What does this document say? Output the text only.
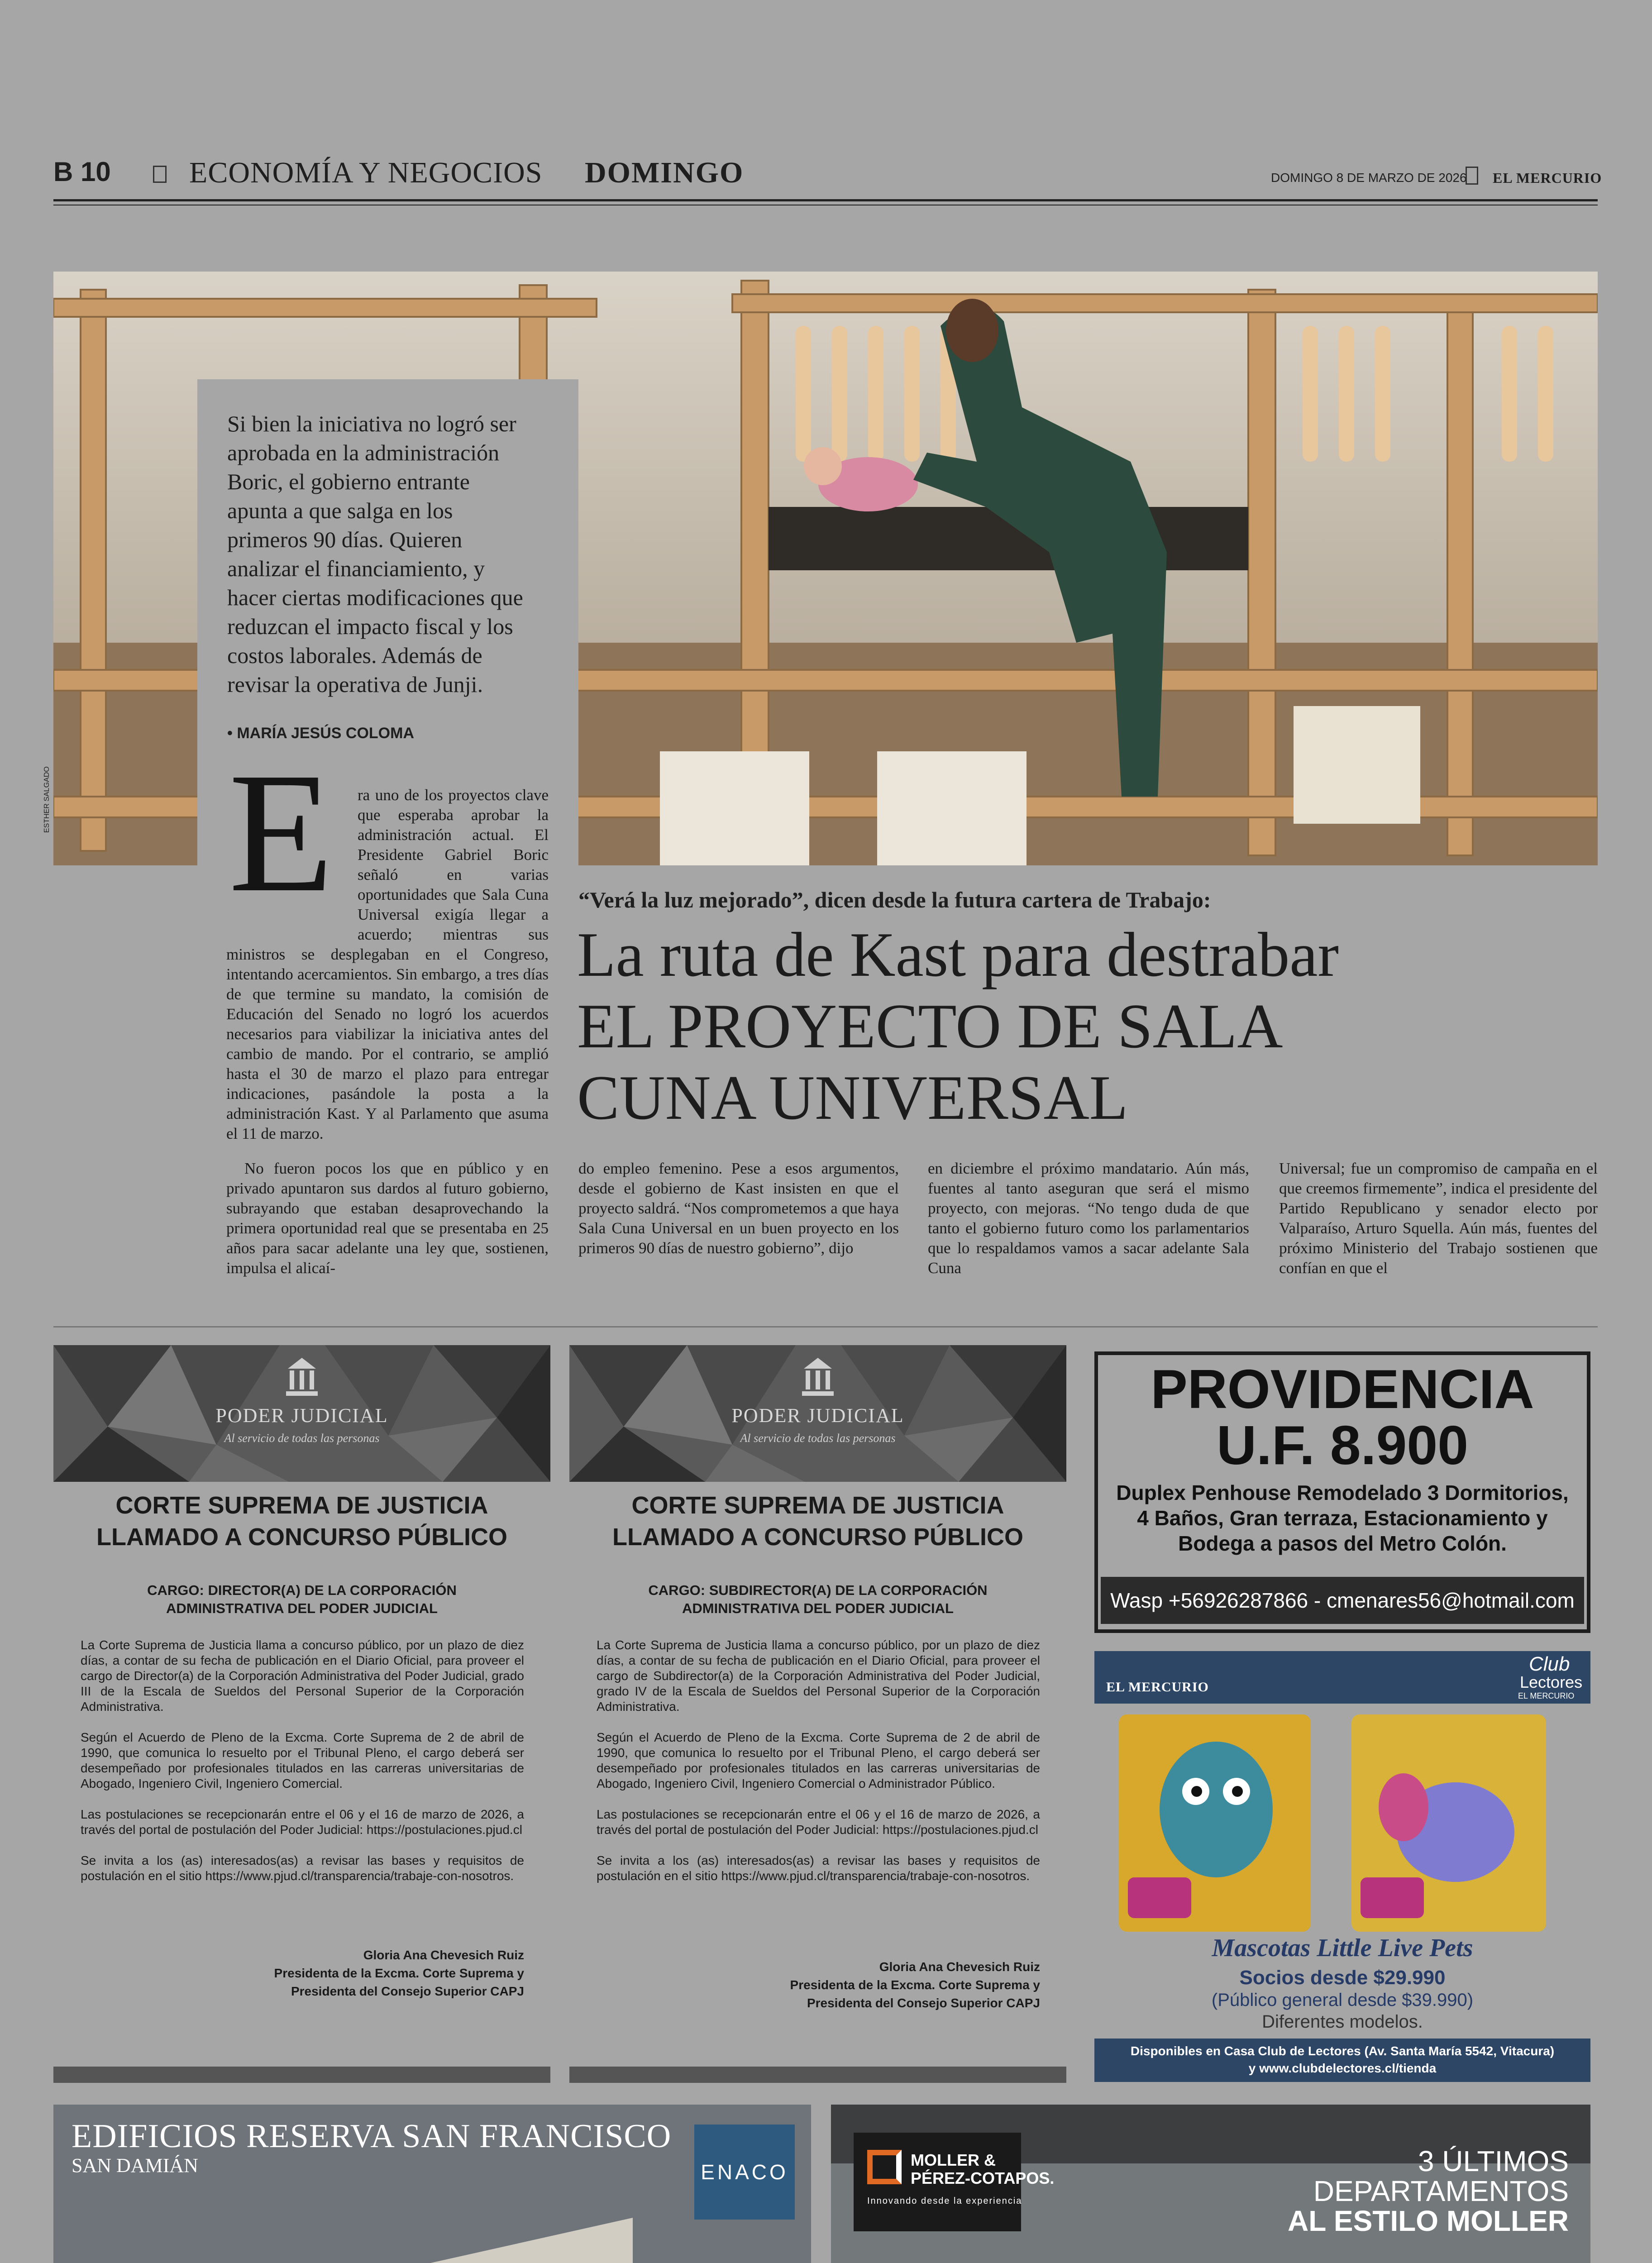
B 10	ECONOMÍA Y NEGOCIOS DOMINGO	DOMINGO 8 DE MARZO DE 2026 EL MERCURIO
ESTHER SALGADO
Si bien la iniciativa no logró ser aprobada en la administración Boric, el gobierno entrante apunta a que salga en los primeros 90 días. Quieren analizar el financiamiento, y hacer ciertas modificaciones que reduzcan el impacto fiscal y los costos laborales. Además de revisar la operativa de Junji.
• MARÍA JESÚS COLOMA
E	ra uno de los proyectos clave que esperaba aprobar la administración actual. El Presidente Gabriel Boric señaló en varias oportunidades que Sala Cuna Universal exigía llegar a acuerdo; mientras sus ministros se desplegaban en el Congreso, intentando acercamientos. Sin embargo, a tres días de que termine su mandato, la comisión de Educación del Senado no logró los acuerdos necesarios para viabilizar la iniciativa antes del cambio de mando. Por el contrario, se amplió hasta el 30 de marzo el plazo para entregar indicaciones, pasándole la posta a la administración Kast. Y al Parlamento que asuma el 11 de marzo.
No fueron pocos los que en público y en privado apuntaron sus dardos al futuro gobierno, subrayando que estaban desaprovechando la primera oportunidad real que se presentaba en 25 años para sacar adelante una ley que, sostienen, impulsa el alicaí-
“Verá la luz mejorado”, dicen desde la futura cartera de Trabajo:
La ruta de Kast para destrabar
EL PROYECTO DE SALA
CUNA UNIVERSAL
do empleo femenino. Pese a esos argumentos, desde el gobierno de Kast insisten en que el proyecto saldrá. “Nos comprometemos a que haya Sala Cuna Universal en un buen proyecto en los primeros 90 días de nuestro gobierno”, dijo
en diciembre el próximo mandatario. Aún más, fuentes al tanto aseguran que será el mismo proyecto, con mejoras. “No tengo duda de que tanto el gobierno futuro como los parlamentarios que lo respaldamos vamos a sacar adelante Sala Cuna
Universal; fue un compromiso de campaña en el que creemos firmemente”, indica el presidente del Partido Republicano y senador electo por Valparaíso, Arturo Squella. Aún más, fuentes del próximo Ministerio del Trabajo sostienen que confían en que el
PODER JUDICIAL
Al servicio de todas las personas
CORTE SUPREMA DE JUSTICIA
LLAMADO A CONCURSO PÚBLICO
CARGO: DIRECTOR(A) DE LA CORPORACIÓN
ADMINISTRATIVA DEL PODER JUDICIAL

La Corte Suprema de Justicia llama a concurso público, por un plazo de diez días, a contar de su fecha de publicación en el Diario Oficial, para proveer el cargo de Director(a) de la Corporación Administrativa del Poder Judicial, grado III de la Escala de Sueldos del Personal Superior de la Corporación Administrativa.

Según el Acuerdo de Pleno de la Excma. Corte Suprema de 2 de abril de 1990, que comunica lo resuelto por el Tribunal Pleno, el cargo deberá ser desempeñado por profesionales titulados en las carreras universitarias de Abogado, Ingeniero Civil, Ingeniero Comercial.

Las postulaciones se recepcionarán entre el 06 y el 16 de marzo de 2026, a través del portal de postulación del Poder Judicial: https://postulaciones.pjud.cl

Se invita a los (as) interesados(as) a revisar las bases y requisitos de postulación en el sitio https://www.pjud.cl/transparencia/trabaje-con-nosotros.

Gloria Ana Chevesich Ruiz
Presidenta de la Excma. Corte Suprema y
Presidenta del Consejo Superior CAPJ
PODER JUDICIAL
Al servicio de todas las personas
CORTE SUPREMA DE JUSTICIA
LLAMADO A CONCURSO PÚBLICO
CARGO: SUBDIRECTOR(A) DE LA CORPORACIÓN
ADMINISTRATIVA DEL PODER JUDICIAL

La Corte Suprema de Justicia llama a concurso público, por un plazo de diez días, a contar de su fecha de publicación en el Diario Oficial, para proveer el cargo de Subdirector(a) de la Corporación Administrativa del Poder Judicial, grado IV de la Escala de Sueldos del Personal Superior de la Corporación Administrativa.

Según el Acuerdo de Pleno de la Excma. Corte Suprema de 2 de abril de 1990, que comunica lo resuelto por el Tribunal Pleno, el cargo deberá ser desempeñado por profesionales titulados en las carreras universitarias de Abogado, Ingeniero Civil, Ingeniero Comercial o Administrador Público.

Las postulaciones se recepcionarán entre el 06 y el 16 de marzo de 2026, a través del portal de postulación del Poder Judicial: https://postulaciones.pjud.cl

Se invita a los (as) interesados(as) a revisar las bases y requisitos de postulación en el sitio https://www.pjud.cl/transparencia/trabaje-con-nosotros.

Gloria Ana Chevesich Ruiz
Presidenta de la Excma. Corte Suprema y
Presidenta del Consejo Superior CAPJ
PROVIDENCIA
U.F. 8.900
Duplex Penhouse Remodelado 3 Dormitorios,
4 Baños, Gran terraza, Estacionamiento y
Bodega a pasos del Metro Colón.
Wasp +56926287866 - cmenares56@hotmail.com
EL MERCURIO
Club
Lectores
EL MERCURIO
Mascotas Little Live Pets
Socios desde $29.990
(Público general desde $39.990)
Diferentes modelos.
Disponibles en Casa Club de Lectores (Av. Santa María 5542, Vitacura)
y www.clubdelectores.cl/tienda
EDIFICIOS RESERVA SAN FRANCISCO
SAN DAMIÁN	ENACO
MOLLER &
PÉREZ-COTAPOS.
Innovando desde la experiencia
3 ÚLTIMOS
DEPARTAMENTOS
AL ESTILO MOLLER
